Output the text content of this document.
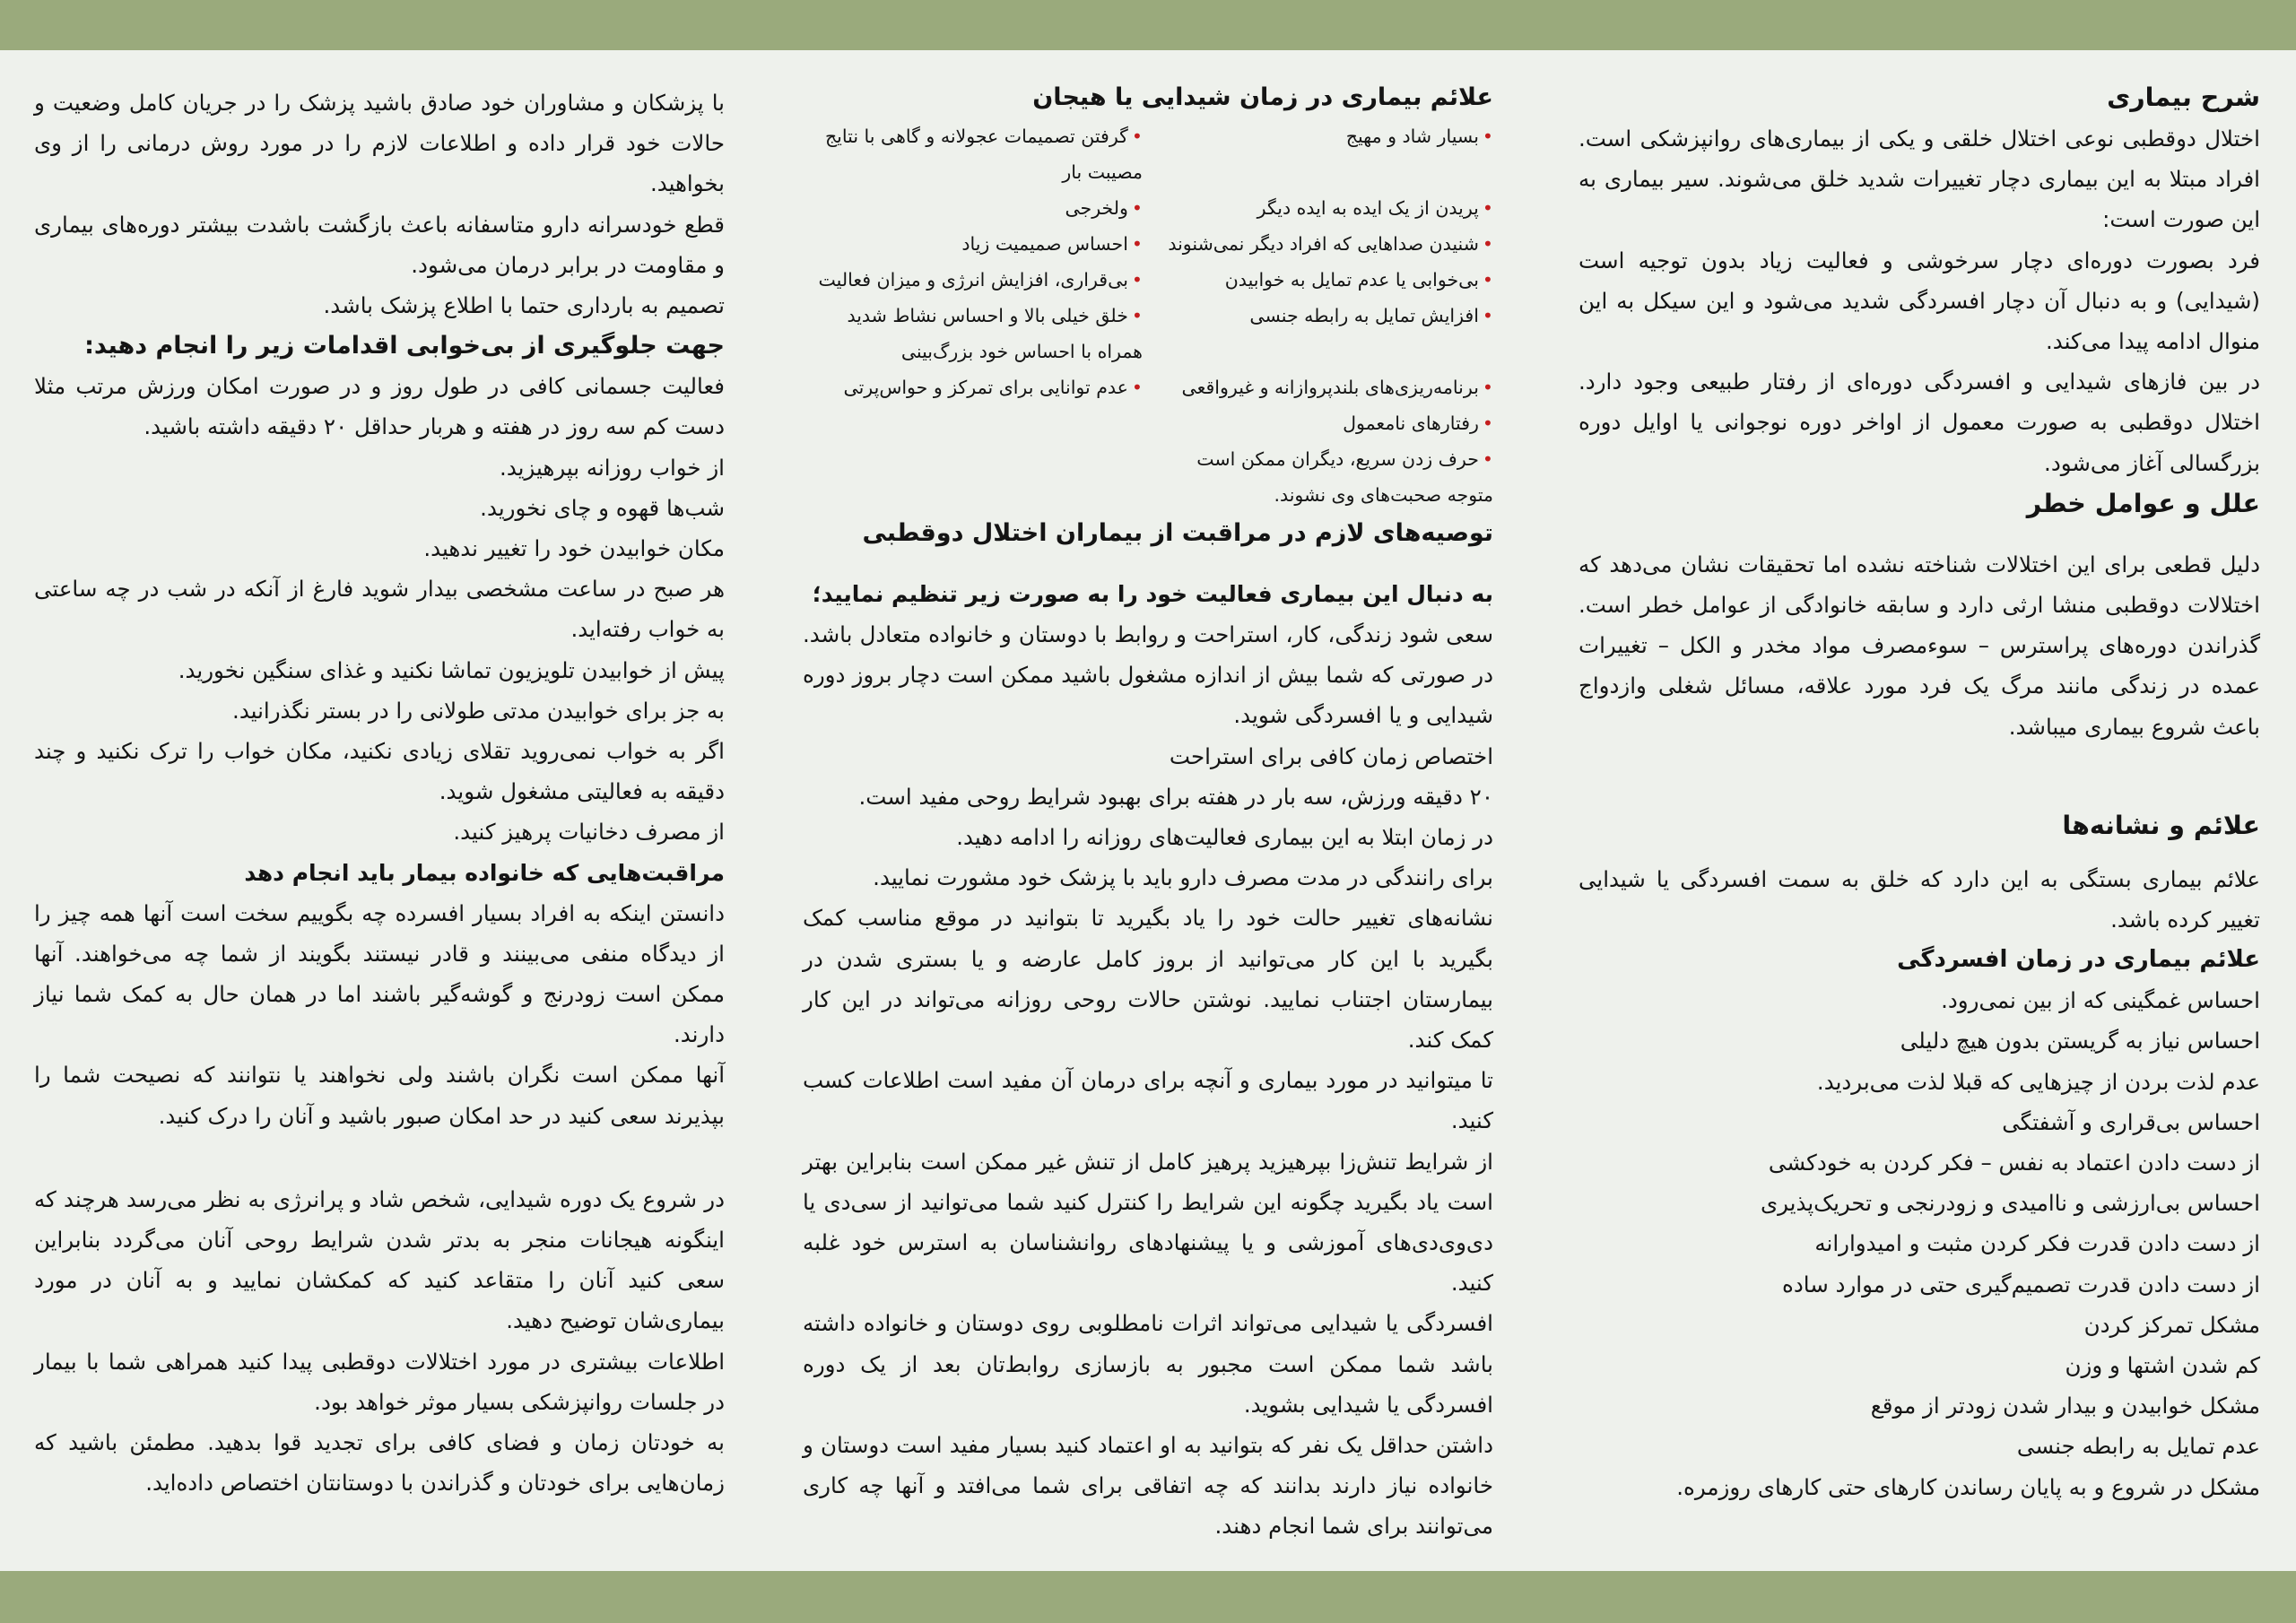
شرح بیماری

اختلال دوقطبی نوعی اختلال خلقی و یکی از بیماری‌های روانپزشکی است. افراد مبتلا به این بیماری دچار تغییرات شدید خلق می‌شوند. سیر بیماری به این صورت است:

فرد بصورت دوره‌ای دچار سرخوشی و فعالیت زیاد بدون توجیه است (شیدایی) و به دنبال آن دچار افسردگی شدید می‌شود و این سیکل به این منوال ادامه پیدا می‌کند.

در بین فازهای شیدایی و افسردگی دوره‌ای از رفتار طبیعی وجود دارد. اختلال دوقطبی به صورت معمول از اواخر دوره نوجوانی یا اوایل دوره بزرگسالی آغاز می‌شود.

علل و عوامل خطر

دلیل قطعی برای این اختلالات شناخته نشده اما تحقیقات نشان می‌دهد که اختلالات دوقطبی منشا ارثی دارد و سابقه خانوادگی از عوامل خطر است. گذراندن دوره‌های پراسترس – سوءمصرف مواد مخدر و الکل – تغییرات عمده در زندگی مانند مرگ یک فرد مورد علاقه، مسائل شغلی وازدواج باعث شروع بیماری میباشد.

علائم و نشانه‌ها

علائم بیماری بستگی به این دارد که خلق به سمت افسردگی یا شیدایی تغییر کرده باشد.

علائم بیماری در زمان افسردگی

احساس غمگینی که از بین نمی‌رود.

احساس نیاز به گریستن بدون هیچ دلیلی

عدم لذت بردن از چیزهایی که قبلا لذت می‌بردید.

احساس بی‌قراری و آشفتگی

از دست دادن اعتماد به نفس – فکر کردن به خودکشی

احساس بی‌ارزشی و ناامیدی و زودرنجی و تحریک‌پذیری

از دست دادن قدرت فکر کردن مثبت و امیدوارانه

از دست دادن قدرت تصمیم‌گیری حتی در موارد ساده

مشکل تمرکز کردن

کم شدن اشتها و وزن

مشکل خوابیدن و بیدار شدن زودتر از موقع

عدم تمایل به رابطه جنسی

مشکل در شروع و به پایان رساندن کارهای حتی کارهای روزمره.

علائم بیماری در زمان شیدایی یا هیجان
• بسیار شاد و مهیج
• گرفتن تصمیمات عجولانه و گاهی با نتایج مصیبت بار
• پریدن از یک ایده به ایده دیگر
• ولخرجی
• شنیدن صداهایی که افراد دیگر نمی‌شنوند
• احساس صمیمیت زیاد
• بی‌خوابی یا عدم تمایل به خوابیدن
• بی‌قراری، افزایش انرژی و میزان فعالیت
• افزایش تمایل به رابطه جنسی
• خلق خیلی بالا و احساس نشاط شدید همراه با احساس خود بزرگ‌بینی
• برنامه‌ریزی‌های بلندپروازانه و غیرواقعی
• عدم توانایی برای تمرکز و حواس‌پرتی
• رفتارهای نامعمول
• حرف زدن سریع، دیگران ممکن است متوجه صحبت‌های وی نشوند.
توصیه‌های لازم در مراقبت از بیماران اختلال دوقطبی
به دنبال این بیماری فعالیت خود را به صورت زیر تنظیم نمایید؛

سعی شود زندگی، کار، استراحت و روابط با دوستان و خانواده متعادل باشد. در صورتی که شما بیش از اندازه مشغول باشید ممکن است دچار بروز دوره شیدایی و یا افسردگی شوید.

اختصاص زمان کافی برای استراحت

۲۰ دقیقه ورزش، سه بار در هفته برای بهبود شرایط روحی مفید است.

در زمان ابتلا به این بیماری فعالیت‌های روزانه را ادامه دهید.

برای رانندگی در مدت مصرف دارو باید با پزشک خود مشورت نمایید.

نشانه‌های تغییر حالت خود را یاد بگیرید تا بتوانید در موقع مناسب کمک بگیرید با این کار می‌توانید از بروز کامل عارضه و یا بستری شدن در بیمارستان اجتناب نمایید. نوشتن حالات روحی روزانه می‌تواند در این کار کمک کند.

تا میتوانید در مورد بیماری و آنچه برای درمان آن مفید است اطلاعات کسب کنید.

از شرایط تنش‌زا بپرهیزید پرهیز کامل از تنش غیر ممکن است بنابراین بهتر است یاد بگیرید چگونه این شرایط را کنترل کنید شما می‌توانید از سی‌دی یا دی‌وی‌دی‌های آموزشی و یا پیشنهادهای روانشناسان به استرس خود غلبه کنید.

افسردگی یا شیدایی می‌تواند اثرات نامطلوبی روی دوستان و خانواده داشته باشد شما ممکن است مجبور به بازسازی روابط‌تان بعد از یک دوره افسردگی یا شیدایی بشوید.

داشتن حداقل یک نفر که بتوانید به او اعتماد کنید بسیار مفید است دوستان و خانواده نیاز دارند بدانند که چه اتفاقی برای شما می‌افتد و آنها چه کاری می‌توانند برای شما انجام دهند.

با پزشکان و مشاوران خود صادق باشید پزشک را در جریان کامل وضعیت و حالات خود قرار داده و اطلاعات لازم را در مورد روش درمانی را از وی بخواهید.

قطع خودسرانه دارو متاسفانه باعث بازگشت باشدت بیشتر دوره‌های بیماری و مقاومت در برابر درمان می‌شود.

تصمیم به بارداری حتما با اطلاع پزشک باشد.

جهت جلوگیری از بی‌خوابی اقدامات زیر را انجام دهید:

فعالیت جسمانی کافی در طول روز و در صورت امکان ورزش مرتب مثلا دست کم سه روز در هفته و هربار حداقل ۲۰ دقیقه داشته باشید.

از خواب روزانه بپرهیزید.

شب‌ها قهوه و چای نخورید.

مکان خوابیدن خود را تغییر ندهید.

هر صبح در ساعت مشخصی بیدار شوید فارغ از آنکه در شب در چه ساعتی به خواب رفته‌اید.

پیش از خوابیدن تلویزیون تماشا نکنید و غذای سنگین نخورید.

به جز برای خوابیدن مدتی طولانی را در بستر نگذرانید.

اگر به خواب نمی‌روید تقلای زیادی نکنید، مکان خواب را ترک نکنید و چند دقیقه به فعالیتی مشغول شوید.

از مصرف دخانیات پرهیز کنید.

مراقبت‌هایی که خانواده بیمار باید انجام دهد

دانستن اینکه به افراد بسیار افسرده چه بگوییم سخت است آنها همه چیز را از دیدگاه منفی می‌بینند و قادر نیستند بگویند از شما چه می‌خواهند. آنها ممکن است زودرنج و گوشه‌گیر باشند اما در همان حال به کمک شما نیاز دارند.

آنها ممکن است نگران باشند ولی نخواهند یا نتوانند که نصیحت شما را بپذیرند سعی کنید در حد امکان صبور باشید و آنان را درک کنید.

در شروع یک دوره شیدایی، شخص شاد و پرانرژی به نظر می‌رسد هرچند که اینگونه هیجانات منجر به بدتر شدن شرایط روحی آنان می‌گردد بنابراین سعی کنید آنان را متقاعد کنید که کمکشان نمایید و به آنان در مورد بیماری‌شان توضیح دهید.

اطلاعات بیشتری در مورد اختلالات دوقطبی پیدا کنید همراهی شما با بیمار در جلسات روانپزشکی بسیار موثر خواهد بود.

به خودتان زمان و فضای کافی برای تجدید قوا بدهید. مطمئن باشید که زمان‌هایی برای خودتان و گذراندن با دوستانتان اختصاص داده‌اید.
